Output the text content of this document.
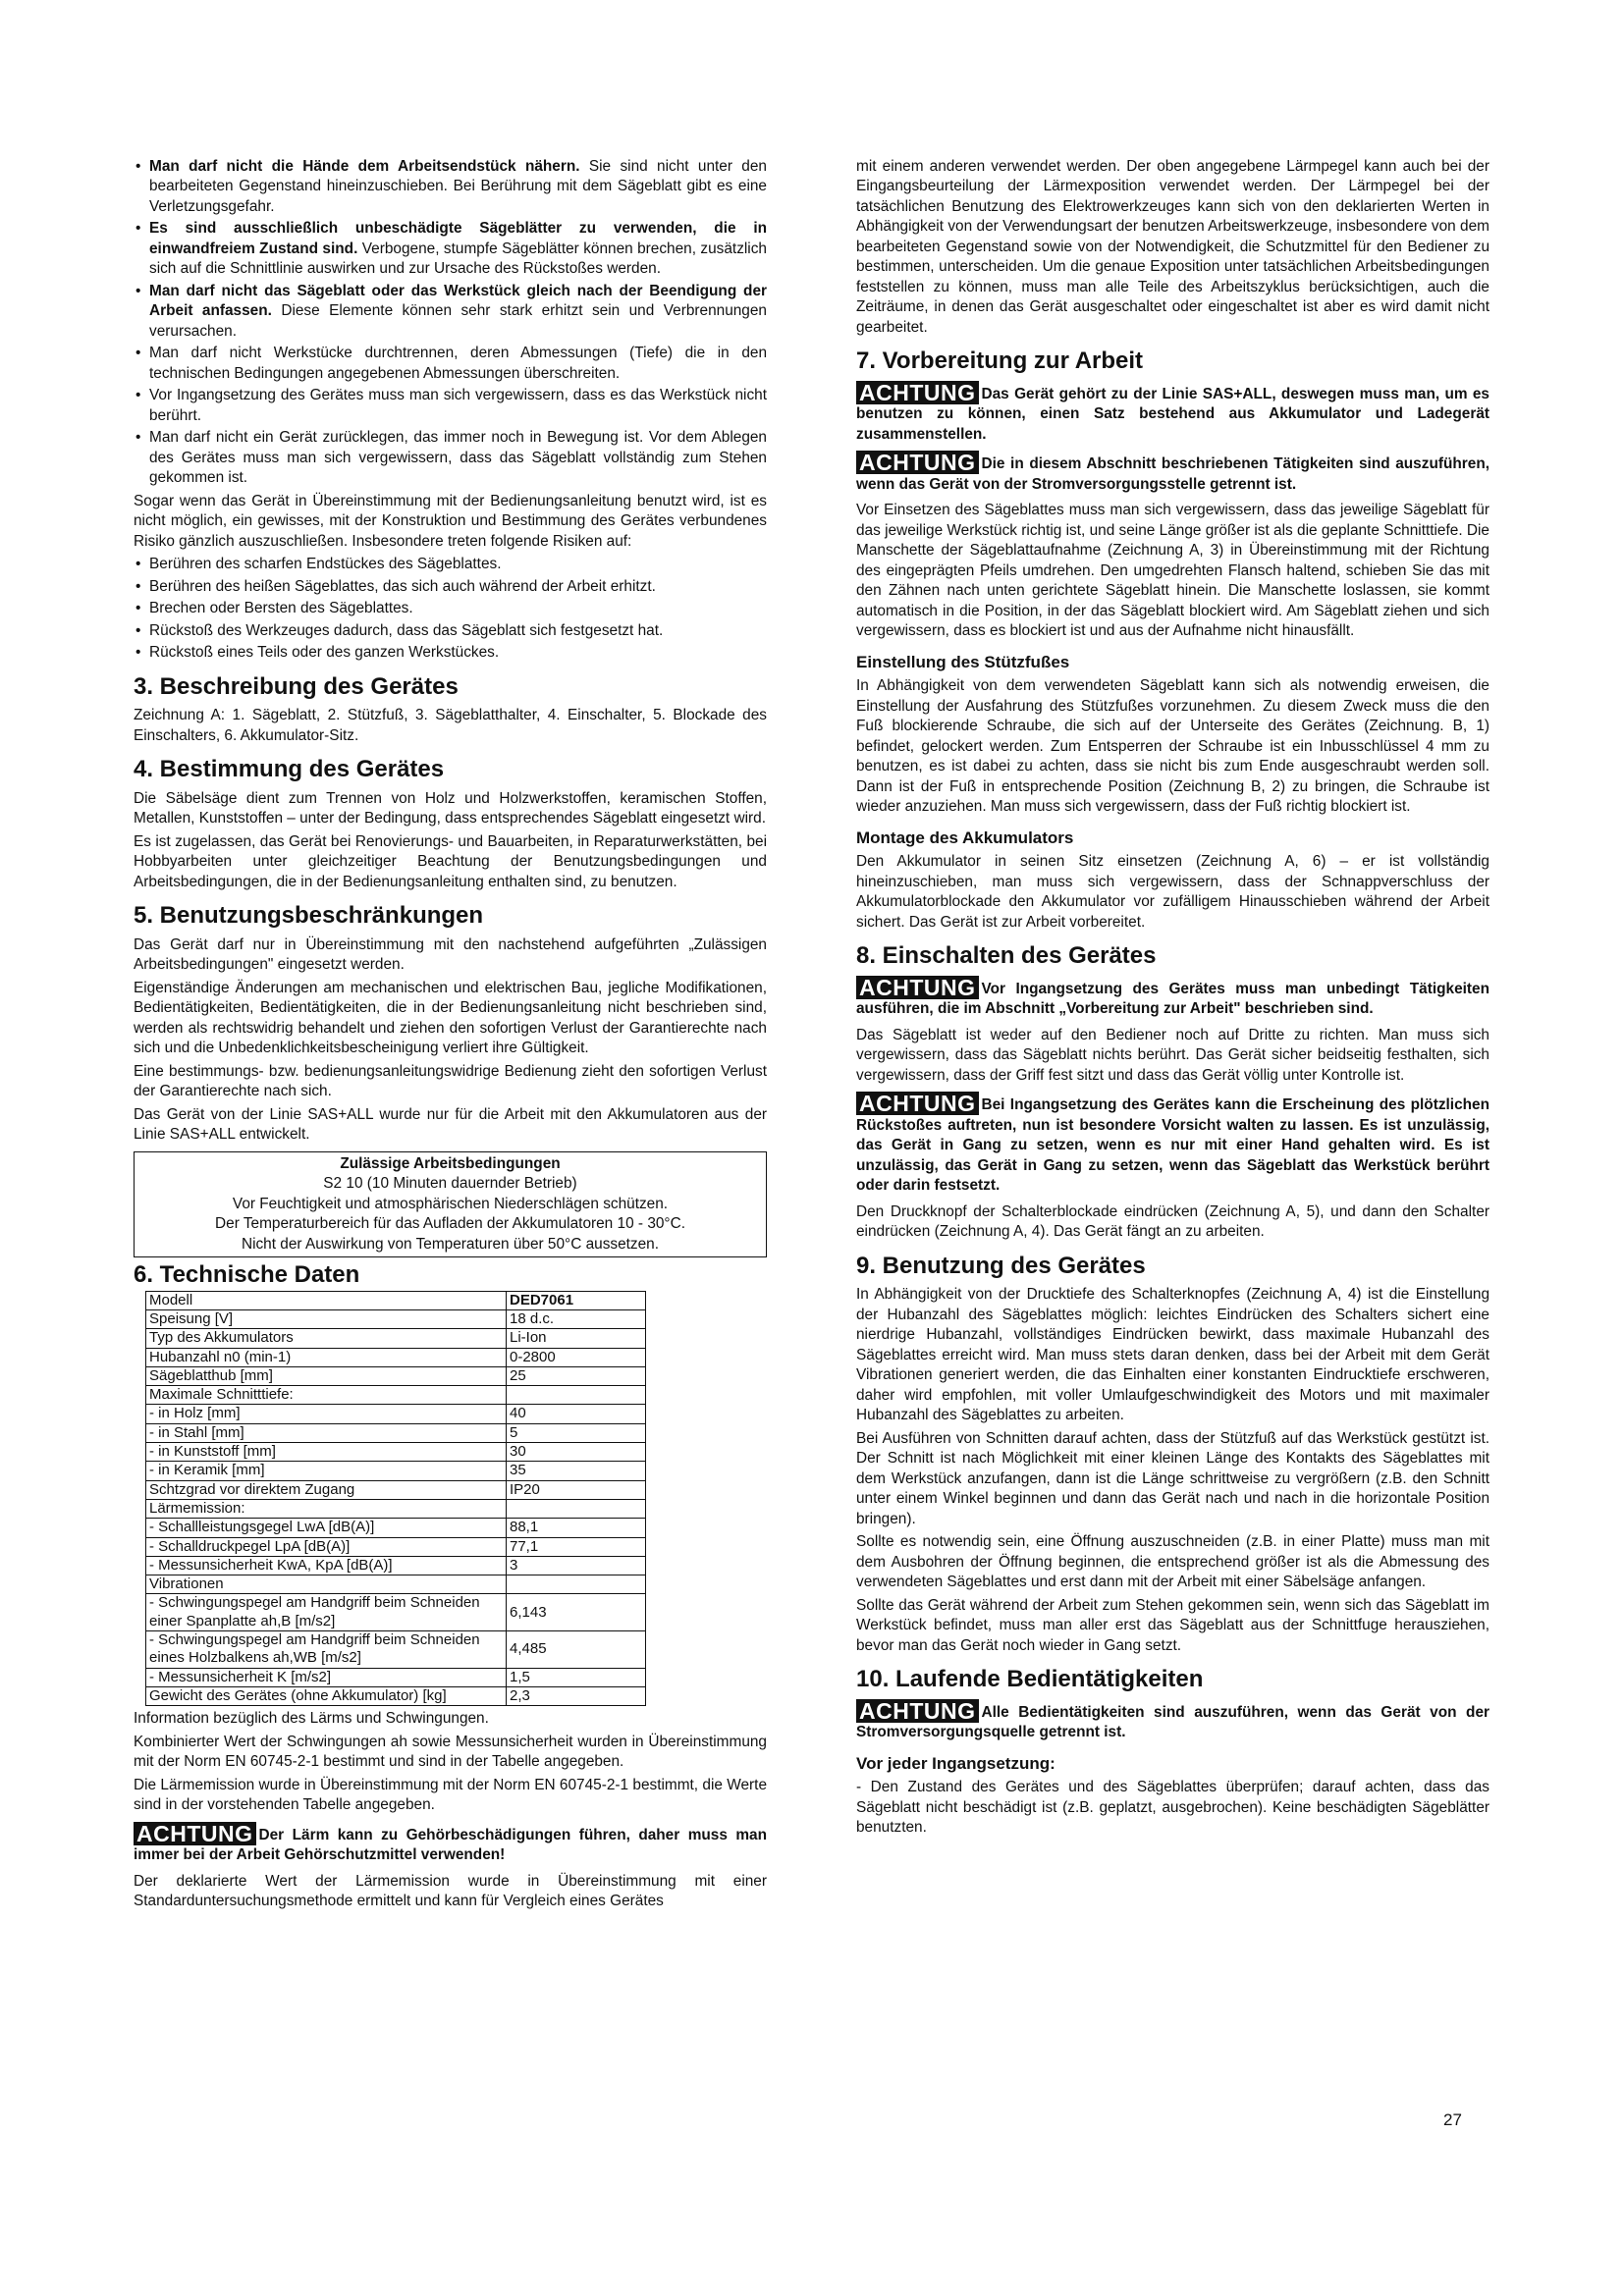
• Man darf nicht die Hände dem Arbeitsendstück nähern. Sie sind nicht unter den bearbeiteten Gegenstand hineinzuschieben. Bei Berührung mit dem Sägeblatt gibt es eine Verletzungsgefahr.
• Es sind ausschließlich unbeschädigte Sägeblätter zu verwenden, die in einwandfreiem Zustand sind. Verbogene, stumpfe Sägeblätter können brechen, zusätzlich sich auf die Schnittlinie auswirken und zur Ursache des Rückstoßes werden.
• Man darf nicht das Sägeblatt oder das Werkstück gleich nach der Beendigung der Arbeit anfassen. Diese Elemente können sehr stark erhitzt sein und Verbrennungen verursachen.
• Man darf nicht Werkstücke durchtrennen, deren Abmessungen (Tiefe) die in den technischen Bedingungen angegebenen Abmessungen überschreiten.
• Vor Ingangsetzung des Gerätes muss man sich vergewissern, dass es das Werkstück nicht berührt.
• Man darf nicht ein Gerät zurücklegen, das immer noch in Bewegung ist. Vor dem Ablegen des Gerätes muss man sich vergewissern, dass das Sägeblatt vollständig zum Stehen gekommen ist.

Sogar wenn das Gerät in Übereinstimmung mit der Bedienungsanleitung benutzt wird, ist es nicht möglich, ein gewisses, mit der Konstruktion und Bestimmung des Gerätes verbundenes Risiko gänzlich auszuschließen. Insbesondere treten folgende Risiken auf:

• Berühren des scharfen Endstückes des Sägeblattes.
• Berühren des heißen Sägeblattes, das sich auch während der Arbeit erhitzt.
• Brechen oder Bersten des Sägeblattes.
• Rückstoß des Werkzeuges dadurch, dass das Sägeblatt sich festgesetzt hat.
• Rückstoß eines Teils oder des ganzen Werkstückes.
3. Beschreibung des Gerätes

Zeichnung A: 1. Sägeblatt, 2. Stützfuß, 3. Sägeblatthalter, 4. Einschalter, 5. Blockade des Einschalters, 6. Akkumulator-Sitz.

4. Bestimmung des Gerätes

Die Säbelsäge dient zum Trennen von Holz und Holzwerkstoffen, keramischen Stoffen, Metallen, Kunststoffen – unter der Bedingung, dass entsprechendes Sägeblatt eingesetzt wird.

Es ist zugelassen, das Gerät bei Renovierungs- und Bauarbeiten, in Reparaturwerkstätten, bei Hobbyarbeiten unter gleichzeitiger Beachtung der Benutzungsbedingungen und Arbeitsbedingungen, die in der Bedienungsanleitung enthalten sind, zu benutzen.

5. Benutzungsbeschränkungen

Das Gerät darf nur in Übereinstimmung mit den nachstehend aufgeführten „Zulässigen Arbeitsbedingungen" eingesetzt werden.

Eigenständige Änderungen am mechanischen und elektrischen Bau, jegliche Modifikationen, Bedientätigkeiten, Bedientätigkeiten, die in der Bedienungsanleitung nicht beschrieben sind, werden als rechtswidrig behandelt und ziehen den sofortigen Verlust der Garantierechte nach sich und die Unbedenklichkeitsbescheinigung verliert ihre Gültigkeit.

Eine bestimmungs- bzw. bedienungsanleitungswidrige Bedienung zieht den sofortigen Verlust der Garantierechte nach sich.

Das Gerät von der Linie SAS+ALL wurde nur für die Arbeit mit den Akkumulatoren aus der Linie SAS+ALL entwickelt.

Zulässige Arbeitsbedingungen
S2 10 (10 Minuten dauernder Betrieb)
Vor Feuchtigkeit und atmosphärischen Niederschlägen schützen.
Der Temperaturbereich für das Aufladen der Akkumulatoren 10 - 30°C.
Nicht der Auswirkung von Temperaturen über 50°C aussetzen.
6. Technische Daten
Modell	DED7061
Speisung [V]	18 d.c.
Typ des Akkumulators	Li-Ion
Hubanzahl n0 (min-1)	0-2800
Sägeblatthub [mm]	25
Maximale Schnitttiefe:	
- in Holz [mm]	40
- in Stahl [mm]	5
- in Kunststoff [mm]	30
- in Keramik [mm]	35
Schtzgrad vor direktem Zugang	IP20
Lärmemission:	
- Schallleistungsgegel LwA [dB(A)]	88,1
- Schalldruckpegel LpA [dB(A)]	77,1
- Messunsicherheit KwA, KpA [dB(A)]	3
Vibrationen	
- Schwingungspegel am Handgriff beim Schneiden einer Spanplatte ah,B [m/s2]	6,143
- Schwingungspegel am Handgriff beim Schneiden eines Holzbalkens ah,WB [m/s2]	4,485
- Messunsicherheit K [m/s2]	1,5
Gewicht des Gerätes (ohne Akkumulator) [kg]	2,3

Information bezüglich des Lärms und Schwingungen.

Kombinierter Wert der Schwingungen ah sowie Messunsicherheit wurden in Übereinstimmung mit der Norm EN 60745-2-1 bestimmt und sind in der Tabelle angegeben.

Die Lärmemission wurde in Übereinstimmung mit der Norm EN 60745-2-1 bestimmt, die Werte sind in der vorstehenden Tabelle angegeben.

ACHTUNG Der Lärm kann zu Gehörbeschädigungen führen, daher muss man immer bei der Arbeit Gehörschutzmittel verwenden!

Der deklarierte Wert der Lärmemission wurde in Übereinstimmung mit einer Standarduntersuchungsmethode ermittelt und kann für Vergleich eines Gerätes

mit einem anderen verwendet werden. Der oben angegebene Lärmpegel kann auch bei der Eingangsbeurteilung der Lärmexposition verwendet werden. Der Lärmpegel bei der tatsächlichen Benutzung des Elektrowerkzeuges kann sich von den deklarierten Werten in Abhängigkeit von der Verwendungsart der benutzen Arbeitswerkzeuge, insbesondere von dem bearbeiteten Gegenstand sowie von der Notwendigkeit, die Schutzmittel für den Bediener zu bestimmen, unterscheiden. Um die genaue Exposition unter tatsächlichen Arbeitsbedingungen feststellen zu können, muss man alle Teile des Arbeitszyklus berücksichtigen, auch die Zeiträume, in denen das Gerät ausgeschaltet oder eingeschaltet ist aber es wird damit nicht gearbeitet.

7. Vorbereitung zur Arbeit
ACHTUNG Das Gerät gehört zu der Linie SAS+ALL, deswegen muss man, um es benutzen zu können, einen Satz bestehend aus Akkumulator und Ladegerät zusammenstellen.
ACHTUNG Die in diesem Abschnitt beschriebenen Tätigkeiten sind auszuführen, wenn das Gerät von der Stromversorgungsstelle getrennt ist.

Vor Einsetzen des Sägeblattes muss man sich vergewissern, dass das jeweilige Sägeblatt für das jeweilige Werkstück richtig ist, und seine Länge größer ist als die geplante Schnitttiefe. Die Manschette der Sägeblattaufnahme (Zeichnung A, 3) in Übereinstimmung mit der Richtung des eingeprägten Pfeils umdrehen. Den umgedrehten Flansch haltend, schieben Sie das mit den Zähnen nach unten gerichtete Sägeblatt hinein. Die Manschette loslassen, sie kommt automatisch in die Position, in der das Sägeblatt blockiert wird. Am Sägeblatt ziehen und sich vergewissern, dass es blockiert ist und aus der Aufnahme nicht hinausfällt.

Einstellung des Stützfußes

In Abhängigkeit von dem verwendeten Sägeblatt kann sich als notwendig erweisen, die Einstellung der Ausfahrung des Stützfußes vorzunehmen. Zu diesem Zweck muss die den Fuß blockierende Schraube, die sich auf der Unterseite des Gerätes (Zeichnung. B, 1) befindet, gelockert werden. Zum Entsperren der Schraube ist ein Inbusschlüssel 4 mm zu benutzen, es ist dabei zu achten, dass sie nicht bis zum Ende ausgeschraubt werden soll. Dann ist der Fuß in entsprechende Position (Zeichnung B, 2) zu bringen, die Schraube ist wieder anzuziehen. Man muss sich vergewissern, dass der Fuß richtig blockiert ist.

Montage des Akkumulators

Den Akkumulator in seinen Sitz einsetzen (Zeichnung A, 6) – er ist vollständig hineinzuschieben, man muss sich vergewissern, dass der Schnappverschluss der Akkumulatorblockade den Akkumulator vor zufälligem Hinausschieben während der Arbeit sichert. Das Gerät ist zur Arbeit vorbereitet.

8. Einschalten des Gerätes
ACHTUNG Vor Ingangsetzung des Gerätes muss man unbedingt Tätigkeiten ausführen, die im Abschnitt „Vorbereitung zur Arbeit" beschrieben sind.

Das Sägeblatt ist weder auf den Bediener noch auf Dritte zu richten. Man muss sich vergewissern, dass das Sägeblatt nichts berührt. Das Gerät sicher beidseitig festhalten, sich vergewissern, dass der Griff fest sitzt und dass das Gerät völlig unter Kontrolle ist.

ACHTUNG Bei Ingangsetzung des Gerätes kann die Erscheinung des plötzlichen Rückstoßes auftreten, nun ist besondere Vorsicht walten zu lassen. Es ist unzulässig, das Gerät in Gang zu setzen, wenn es nur mit einer Hand gehalten wird. Es ist unzulässig, das Gerät in Gang zu setzen, wenn das Sägeblatt das Werkstück berührt oder darin festsetzt.

Den Druckknopf der Schalterblockade eindrücken (Zeichnung A, 5), und dann den Schalter eindrücken (Zeichnung A, 4). Das Gerät fängt an zu arbeiten.

9. Benutzung des Gerätes

In Abhängigkeit von der Drucktiefe des Schalterknopfes (Zeichnung A, 4) ist die Einstellung der Hubanzahl des Sägeblattes möglich: leichtes Eindrücken des Schalters sichert eine nierdrige Hubanzahl, vollständiges Eindrücken bewirkt, dass maximale Hubanzahl des Sägeblattes erreicht wird. Man muss stets daran denken, dass bei der Arbeit mit dem Gerät Vibrationen generiert werden, die das Einhalten einer konstanten Eindrucktiefe erschweren, daher wird empfohlen, mit voller Umlaufgeschwindigkeit des Motors und mit maximaler Hubanzahl des Sägeblattes zu arbeiten.

Bei Ausführen von Schnitten darauf achten, dass der Stützfuß auf das Werkstück gestützt ist. Der Schnitt ist nach Möglichkeit mit einer kleinen Länge des Kontakts des Sägeblattes mit dem Werkstück anzufangen, dann ist die Länge schrittweise zu vergrößern (z.B. den Schnitt unter einem Winkel beginnen und dann das Gerät nach und nach in die horizontale Position bringen).

Sollte es notwendig sein, eine Öffnung auszuschneiden (z.B. in einer Platte) muss man mit dem Ausbohren der Öffnung beginnen, die entsprechend größer ist als die Abmessung des verwendeten Sägeblattes und erst dann mit der Arbeit mit einer Säbelsäge anfangen.

Sollte das Gerät während der Arbeit zum Stehen gekommen sein, wenn sich das Sägeblatt im Werkstück befindet, muss man aller erst das Sägeblatt aus der Schnittfuge herausziehen, bevor man das Gerät noch wieder in Gang setzt.

10. Laufende Bedientätigkeiten
ACHTUNG Alle Bedientätigkeiten sind auszuführen, wenn das Gerät von der Stromversorgungsquelle getrennt ist.
Vor jeder Ingangsetzung:

- Den Zustand des Gerätes und des Sägeblattes überprüfen; darauf achten, dass das Sägeblatt nicht beschädigt ist (z.B. geplatzt, ausgebrochen). Keine beschädigten Sägeblätter benutzten.

27
